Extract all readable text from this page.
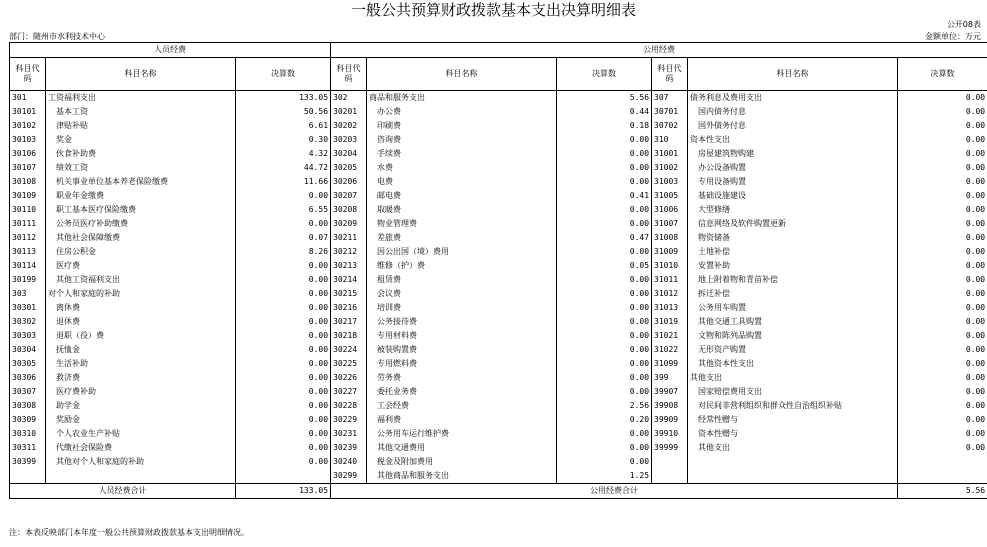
一般公共预算财政拨款基本支出决算明细表
公开08表
部门：随州市水利技术中心	金额单位：万元
人员经费			公用经费					
科目代码	科目名称	决算数	科目代码	科目名称	决算数	科目代码	科目名称	决算数
301	工资福利支出	133.05	302	商品和服务支出	5.56	307	债务利息及费用支出	0.00
30101	　基本工资	50.56	30201	　办公费	0.44	30701	　国内债务付息	0.00
30102	　津贴补贴	6.61	30202	　印刷费	0.18	30702	　国外债务付息	0.00
30103	　奖金	0.30	30203	　咨询费	0.00	310	资本性支出	0.00
30106	　伙食补助费	4.32	30204	　手续费	0.00	31001	　房屋建筑物购建	0.00
30107	　绩效工资	44.72	30205	　水费	0.00	31002	　办公设备购置	0.00
30108	　机关事业单位基本养老保险缴费	11.66	30206	　电费	0.00	31003	　专用设备购置	0.00
30109	　职业年金缴费	0.00	30207	　邮电费	0.41	31005	　基础设施建设	0.00
30110	　职工基本医疗保险缴费	6.55	30208	　取暖费	0.00	31006	　大型修缮	0.00
30111	　公务员医疗补助缴费	0.00	30209	　物业管理费	0.00	31007	　信息网络及软件购置更新	0.00
30112	　其他社会保障缴费	0.07	30211	　差旅费	0.47	31008	　物资储备	0.00
30113	　住房公积金	8.26	30212	　因公出国（境）费用	0.00	31009	　土地补偿	0.00
30114	　医疗费	0.00	30213	　维修（护）费	0.05	31010	　安置补助	0.00
30199	　其他工资福利支出	0.00	30214	　租赁费	0.00	31011	　地上附着物和青苗补偿	0.00
303	对个人和家庭的补助	0.00	30215	　会议费	0.00	31012	　拆迁补偿	0.00
30301	　离休费	0.00	30216	　培训费	0.00	31013	　公务用车购置	0.00
30302	　退休费	0.00	30217	　公务接待费	0.00	31019	　其他交通工具购置	0.00
30303	　退职（役）费	0.00	30218	　专用材料费	0.00	31021	　文物和陈列品购置	0.00
30304	　抚恤金	0.00	30224	　被装购置费	0.00	31022	　无形资产购置	0.00
30305	　生活补助	0.00	30225	　专用燃料费	0.00	31099	　其他资本性支出	0.00
30306	　救济费	0.00	30226	　劳务费	0.00	399	其他支出	0.00
30307	　医疗费补助	0.00	30227	　委托业务费	0.00	39907	　国家赔偿费用支出	0.00
30308	　助学金	0.00	30228	　工会经费	2.56	39908	　对民间非营利组织和群众性自治组织补贴	0.00
30309	　奖励金	0.00	30229	　福利费	0.20	39909	　经常性赠与	0.00
30310	　个人农业生产补贴	0.00	30231	　公务用车运行维护费	0.00	39910	　资本性赠与	0.00
30311	　代缴社会保险费	0.00	30239	　其他交通费用	0.00	39999	　其他支出	0.00
30399	　其他对个人和家庭的补助	0.00	30240	　税金及附加费用	0.00			
			30299	　其他商品和服务支出	1.25			
人员经费合计		133.05	公用经费合计					5.56
注：本表反映部门本年度一般公共预算财政拨款基本支出明细情况。
